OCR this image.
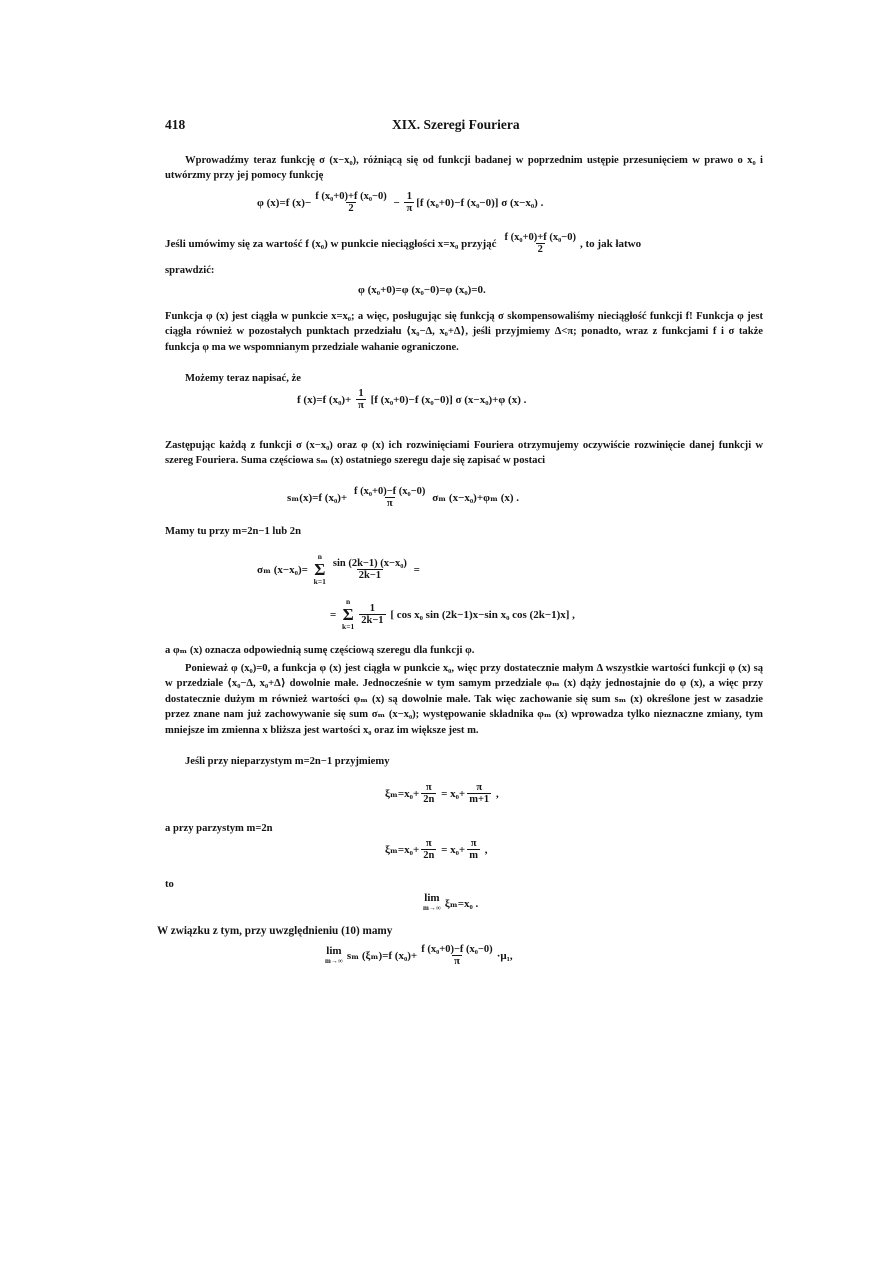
418	XIX. Szeregi Fouriera
Wprowadźmy teraz funkcję σ (x−x₀), różniącą się od funkcji badanej w poprzednim ustępie przesunięciem w prawo o x₀ i utwórzmy przy jej pomocy funkcję
φ (x)=f $(x)- \frac{\text{f (x₀+0)+f (x₀−0)}}{2} - \frac{1}{\pi} [f$ (x₀+0)−f (x₀−0)] σ (x−x₀) .
Jeśli umówimy się za wartość f (x₀) w punkcie nieciągłości x=x₀ przyjąć $\frac{\text{f (x₀+0)+f (x₀−0)}}{2}$ , to jak łatwo
sprawdzić:
φ (x₀+0)=φ (x₀−0)=φ (x₀)=0.
Funkcja φ (x) jest ciągła w punkcie x=x₀; a więc, posługując się funkcją σ skompensowaliśmy nieciągłość funkcji f! Funkcja φ jest ciągła również w pozostałych punktach przedziału ⟨x₀−Δ, x₀+Δ⟩, jeśli przyjmiemy Δ<π; ponadto, wraz z funkcjami f i σ także funkcja φ ma we wspomnianym przedziale wahanie ograniczone.
Możemy teraz napisać, że
f (x)=f $(x_0)+ \frac{1}{\pi} [f$ (x₀+0)−f (x₀−0)] σ (x−x₀)+φ (x) .
Zastępując każdą z funkcji σ (x−x₀) oraz φ (x) ich rozwinięciami Fouriera otrzymujemy oczywiście rozwinięcie danej funkcji w szereg Fouriera. Suma częściowa sₘ (x) ostatniego szeregu daje się zapisać w postaci
sₘ(x)=f $(x_0)+ \frac{\text{f (x₀+0)−f (x₀−0)}}{\pi}$ σₘ (x−x₀)+φₘ (x) .
Mamy tu przy m=2n−1 lub 2n
σₘ (x−x₀)=
n
Σ
k=1
$\frac{\text{sin (2k−1) (x−x₀)}}{2k-1}$ =
=
n
Σ
k=1
$\frac{1}{2k-1}$ [ cos x₀ sin (2k−1)x−sin x₀ cos (2k−1)x] ,
a φₘ (x) oznacza odpowiednią sumę częściową szeregu dla funkcji φ.
Ponieważ φ (x₀)=0, a funkcja φ (x) jest ciągła w punkcie x₀, więc przy dostatecznie małym Δ wszystkie wartości funkcji φ (x) są w przedziale ⟨x₀−Δ, x₀+Δ⟩ dowolnie małe. Jednocześnie w tym samym przedziale φₘ (x) dąży jednostajnie do φ (x), a więc przy dostatecznie dużym m również wartości φₘ (x) są dowolnie małe. Tak więc zachowanie się sum sₘ (x) określone jest w zasadzie przez znane nam już zachowywanie się sum σₘ (x−x₀); występowanie składnika φₘ (x) wprowadza tylko nieznaczne zmiany, tym mniejsze im zmienna x bliższa jest wartości x₀ oraz im większe jest m.
Jeśli przy nieparzystym m=2n−1 przyjmiemy
$\xi_m=x_0+ \frac{\pi}{2n} = x_0+ \frac{\pi}{m+1}$ ,
a przy parzystym m=2n
$\xi_m=x_0+ \frac{\pi}{2n} = x_0+ \frac{\pi}{m}$ ,
to
lim
m→∞ ξₘ=x₀ .
W związku z tym, przy uwzględnieniu (10) mamy
lim
m→∞ sₘ (ξₘ)=f $(x_0)+ \frac{\text{f (x₀+0)−f (x₀−0)}}{\pi} \cdot\mu_1$,
